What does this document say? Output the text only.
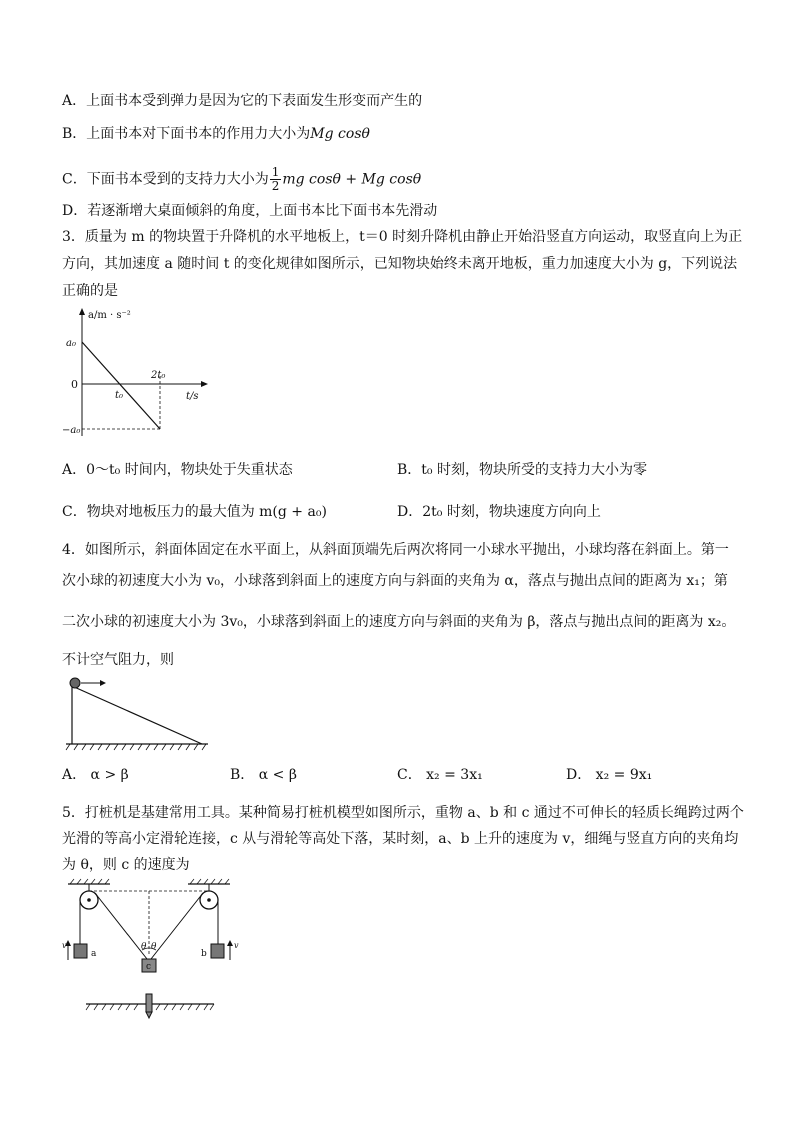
A．上面书本受到弹力是因为它的下表面发生形变而产生的
B．上面书本对下面书本的作用力大小为Mg cosθ
C．下面书本受到的支持力大小为 $\frac{1}{2}$ mg cosθ + Mg cosθ
D．若逐渐增大桌面倾斜的角度，上面书本比下面书本先滑动
3．质量为 m 的物块置于升降机的水平地板上，t＝0 时刻升降机由静止开始沿竖直方向运动，取竖直向上为正
方向，其加速度 a 随时间 t 的变化规律如图所示，已知物块始终未离开地板，重力加速度大小为 g，下列说法
正确的是
a/m · s⁻²
t/s
0
a₀
−a₀
t₀
2t₀
A．0～t₀ 时间内，物块处于失重状态	B．t₀ 时刻，物块所受的支持力大小为零
C．物块对地板压力的最大值为 m(g + a₀)	D．2t₀ 时刻，物块速度方向向上
4．如图所示，斜面体固定在水平面上，从斜面顶端先后两次将同一小球水平抛出，小球均落在斜面上。第一
次小球的初速度大小为 v₀，小球落到斜面上的速度方向与斜面的夹角为 α，落点与抛出点间的距离为 x₁；第
二次小球的初速度大小为 3v₀，小球落到斜面上的速度方向与斜面的夹角为 β，落点与抛出点间的距离为 x₂。
不计空气阻力，则
A． α > β	B． α < β	C． x₂ = 3x₁	D． x₂ = 9x₁
5．打桩机是基建常用工具。某种简易打桩机模型如图所示，重物 a、b 和 c 通过不可伸长的轻质长绳跨过两个
光滑的等高小定滑轮连接，c 从与滑轮等高处下落，某时刻，a、b 上升的速度为 v，细绳与竖直方向的夹角均
为 θ，则 c 的速度为
θ θ
a	b
c
v	v
